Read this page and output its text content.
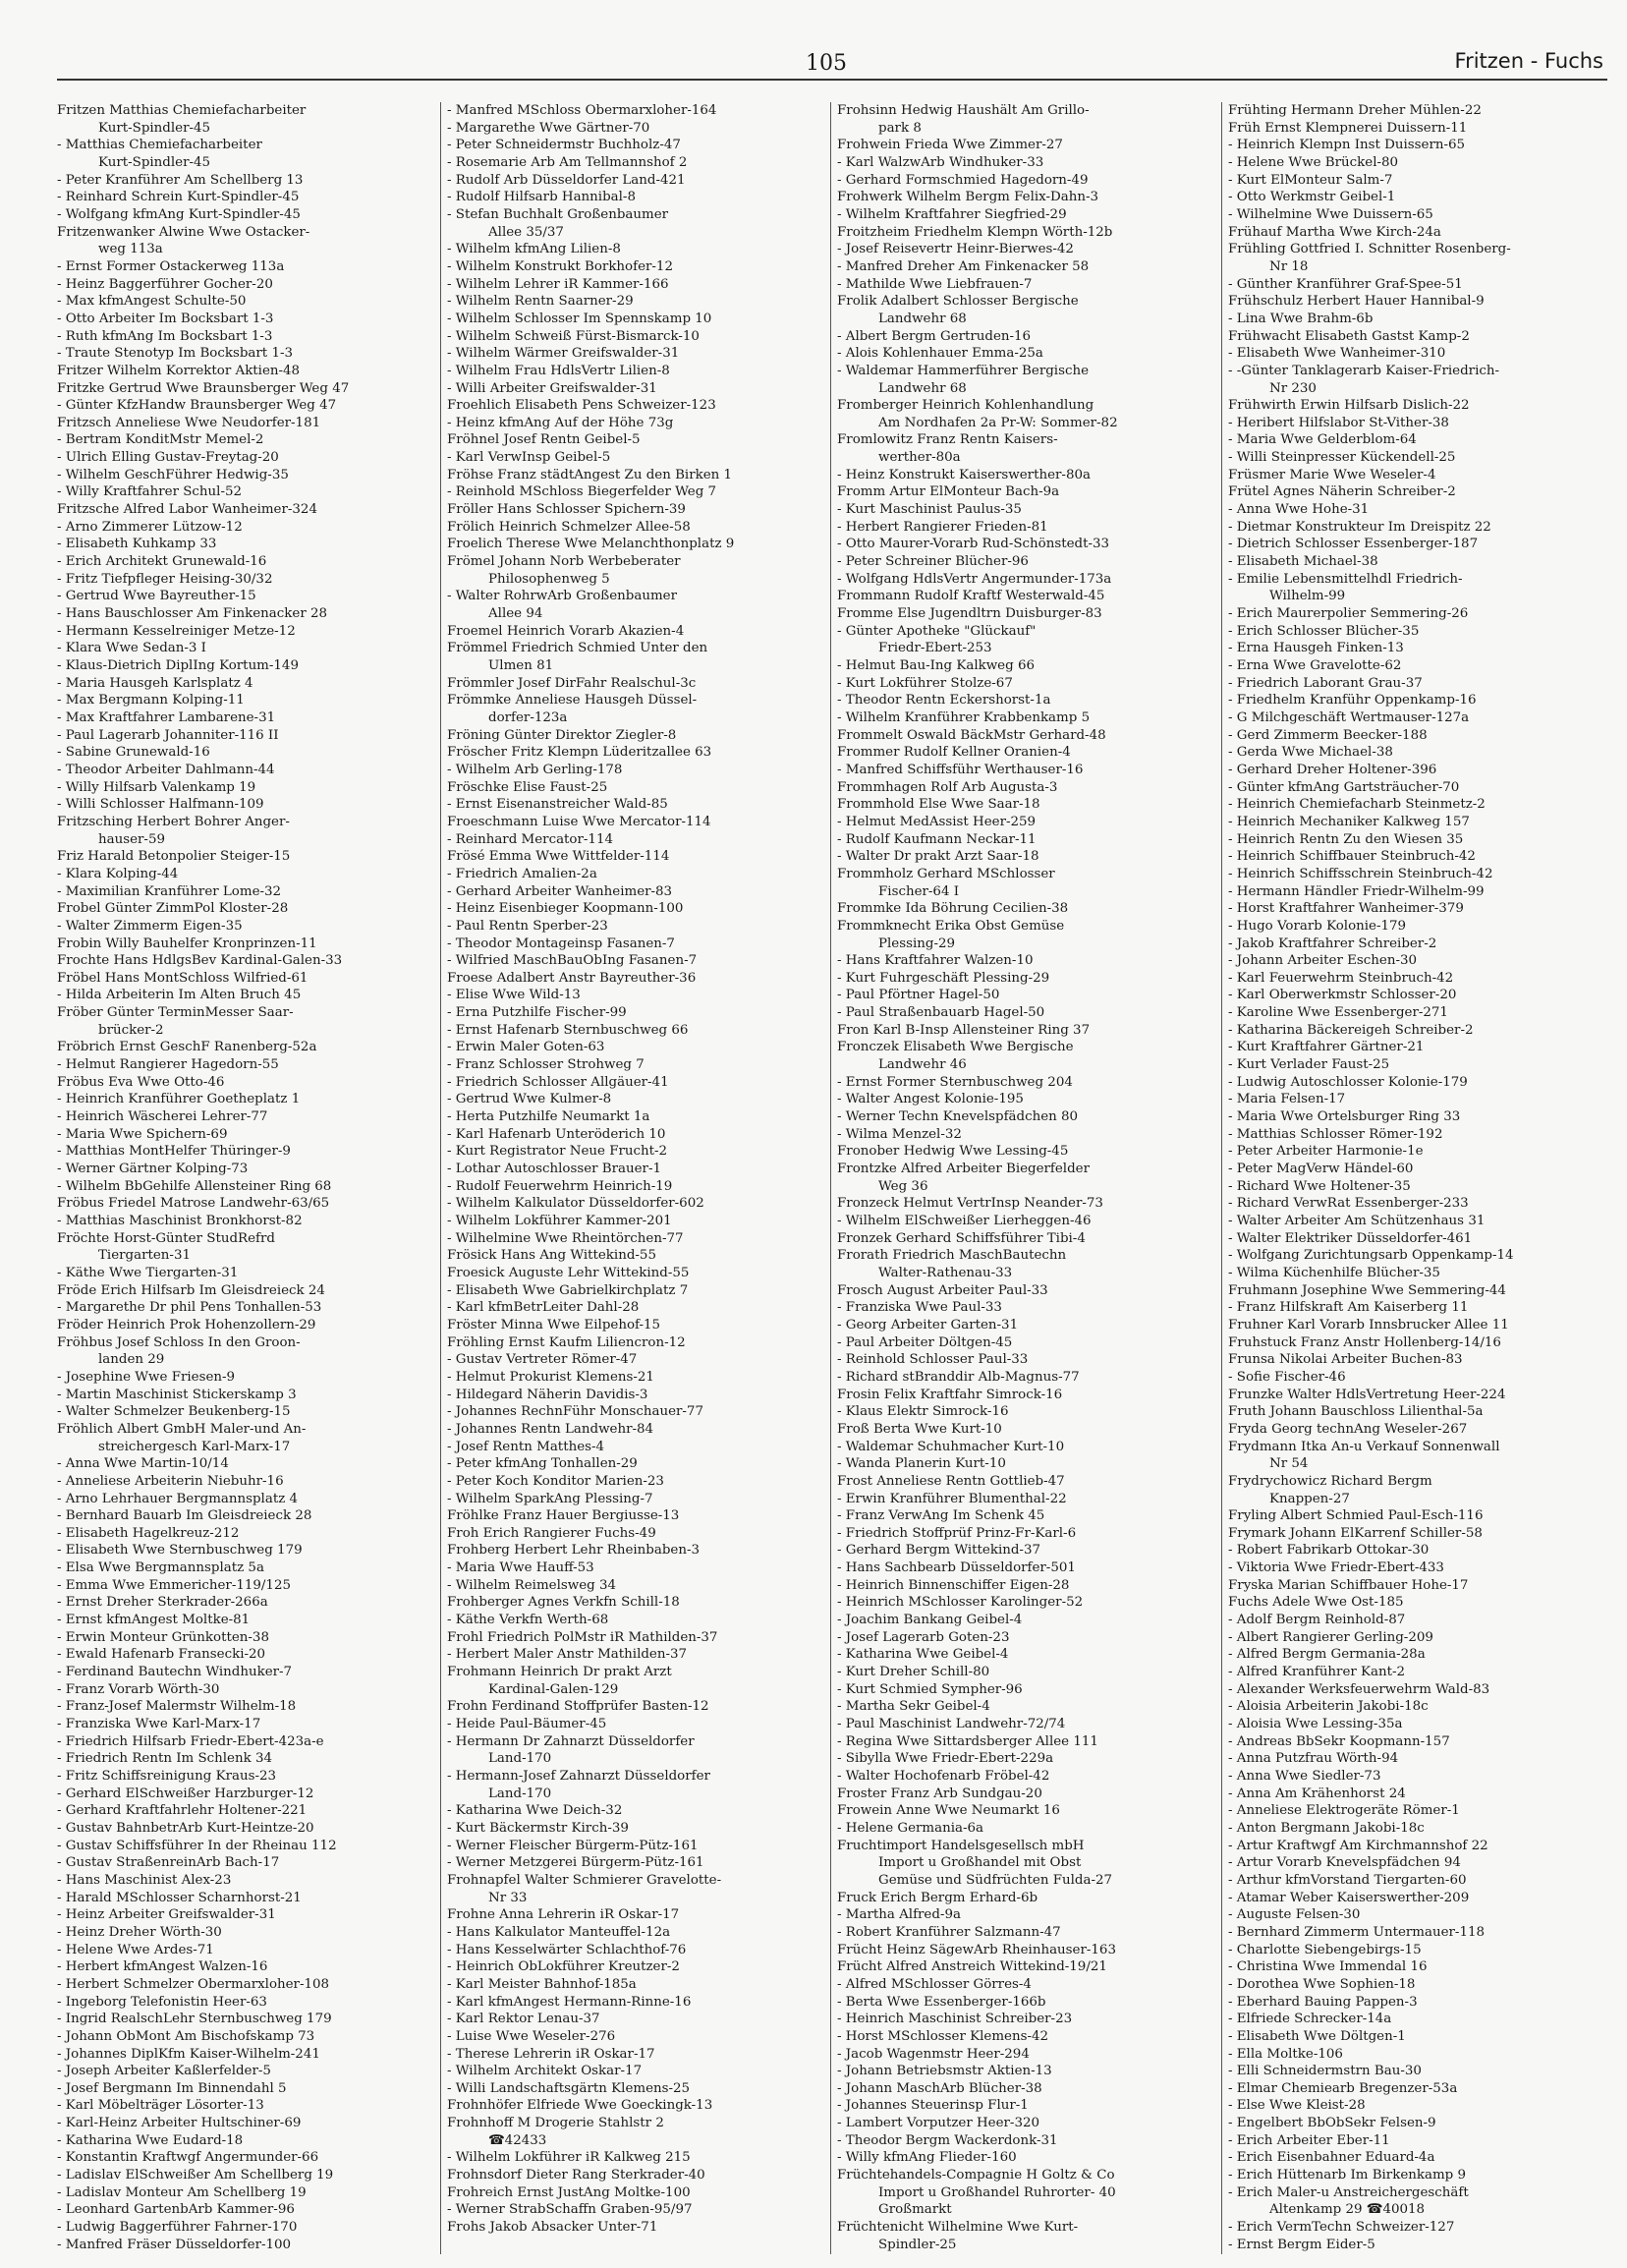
105	Fritzen - Fuchs
Fritzen Matthias Chemiefacharbeiter
Kurt-Spindler-45
- Matthias Chemiefacharbeiter
Kurt-Spindler-45
- Peter Kranführer Am Schellberg 13
- Reinhard Schrein Kurt-Spindler-45
- Wolfgang kfmAng Kurt-Spindler-45
Fritzenwanker Alwine Wwe Ostacker-
weg 113a
- Ernst Former Ostackerweg 113a
- Heinz Baggerführer Gocher-20
- Max kfmAngest Schulte-50
- Otto Arbeiter Im Bocksbart 1-3
- Ruth kfmAng Im Bocksbart 1-3
- Traute Stenotyp Im Bocksbart 1-3
Fritzer Wilhelm Korrektor Aktien-48
Fritzke Gertrud Wwe Braunsberger Weg 47
- Günter KfzHandw Braunsberger Weg 47
Fritzsch Anneliese Wwe Neudorfer-181
- Bertram KonditMstr Memel-2
- Ulrich Elling Gustav-Freytag-20
- Wilhelm GeschFührer Hedwig-35
- Willy Kraftfahrer Schul-52
Fritzsche Alfred Labor Wanheimer-324
- Arno Zimmerer Lützow-12
- Elisabeth Kuhkamp 33
- Erich Architekt Grunewald-16
- Fritz Tiefpfleger Heising-30/32
- Gertrud Wwe Bayreuther-15
- Hans Bauschlosser Am Finkenacker 28
- Hermann Kesselreiniger Metze-12
- Klara Wwe Sedan-3 I
- Klaus-Dietrich DiplIng Kortum-149
- Maria Hausgeh Karlsplatz 4
- Max Bergmann Kolping-11
- Max Kraftfahrer Lambarene-31
- Paul Lagerarb Johanniter-116 II
- Sabine Grunewald-16
- Theodor Arbeiter Dahlmann-44
- Willy Hilfsarb Valenkamp 19
- Willi Schlosser Halfmann-109
Fritzsching Herbert Bohrer Anger-
hauser-59
Friz Harald Betonpolier Steiger-15
- Klara Kolping-44
- Maximilian Kranführer Lome-32
Frobel Günter ZimmPol Kloster-28
- Walter Zimmerm Eigen-35
Frobin Willy Bauhelfer Kronprinzen-11
Frochte Hans HdlgsBev Kardinal-Galen-33
Fröbel Hans MontSchloss Wilfried-61
- Hilda Arbeiterin Im Alten Bruch 45
Fröber Günter TerminMesser Saar-
brücker-2
Fröbrich Ernst GeschF Ranenberg-52a
- Helmut Rangierer Hagedorn-55
Fröbus Eva Wwe Otto-46
- Heinrich Kranführer Goetheplatz 1
- Heinrich Wäscherei Lehrer-77
- Maria Wwe Spichern-69
- Matthias MontHelfer Thüringer-9
- Werner Gärtner Kolping-73
- Wilhelm BbGehilfe Allensteiner Ring 68
Fröbus Friedel Matrose Landwehr-63/65
- Matthias Maschinist Bronkhorst-82
Fröchte Horst-Günter StudRefrd
Tiergarten-31
- Käthe Wwe Tiergarten-31
Fröde Erich Hilfsarb Im Gleisdreieck 24
- Margarethe Dr phil Pens Tonhallen-53
Fröder Heinrich Prok Hohenzollern-29
Fröhbus Josef Schloss In den Groon-
landen 29
- Josephine Wwe Friesen-9
- Martin Maschinist Stickerskamp 3
- Walter Schmelzer Beukenberg-15
Fröhlich Albert GmbH Maler-und An-
streichergesch Karl-Marx-17
- Anna Wwe Martin-10/14
- Anneliese Arbeiterin Niebuhr-16
- Arno Lehrhauer Bergmannsplatz 4
- Bernhard Bauarb Im Gleisdreieck 28
- Elisabeth Hagelkreuz-212
- Elisabeth Wwe Sternbuschweg 179
- Elsa Wwe Bergmannsplatz 5a
- Emma Wwe Emmericher-119/125
- Ernst Dreher Sterkrader-266a
- Ernst kfmAngest Moltke-81
- Erwin Monteur Grünkotten-38
- Ewald Hafenarb Fransecki-20
- Ferdinand Bautechn Windhuker-7
- Franz Vorarb Wörth-30
- Franz-Josef Malermstr Wilhelm-18
- Franziska Wwe Karl-Marx-17
- Friedrich Hilfsarb Friedr-Ebert-423a-e
- Friedrich Rentn Im Schlenk 34
- Fritz Schiffsreinigung Kraus-23
- Gerhard ElSchweißer Harzburger-12
- Gerhard Kraftfahrlehr Holtener-221
- Gustav BahnbetrArb Kurt-Heintze-20
- Gustav Schiffsführer In der Rheinau 112
- Gustav StraßenreinArb Bach-17
- Hans Maschinist Alex-23
- Harald MSchlosser Scharnhorst-21
- Heinz Arbeiter Greifswalder-31
- Heinz Dreher Wörth-30
- Helene Wwe Ardes-71
- Herbert kfmAngest Walzen-16
- Herbert Schmelzer Obermarxloher-108
- Ingeborg Telefonistin Heer-63
- Ingrid RealschLehr Sternbuschweg 179
- Johann ObMont Am Bischofskamp 73
- Johannes DiplKfm Kaiser-Wilhelm-241
- Joseph Arbeiter Kaßlerfelder-5
- Josef Bergmann Im Binnendahl 5
- Karl Möbelträger Lösorter-13
- Karl-Heinz Arbeiter Hultschiner-69
- Katharina Wwe Eudard-18
- Konstantin Kraftwgf Angermunder-66
- Ladislav ElSchweißer Am Schellberg 19
- Ladislav Monteur Am Schellberg 19
- Leonhard GartenbArb Kammer-96
- Ludwig Baggerführer Fahrner-170
- Manfred Fräser Düsseldorfer-100
- Manfred MSchloss Obermarxloher-164
- Margarethe Wwe Gärtner-70
- Peter Schneidermstr Buchholz-47
- Rosemarie Arb Am Tellmannshof 2
- Rudolf Arb Düsseldorfer Land-421
- Rudolf Hilfsarb Hannibal-8
- Stefan Buchhalt Großenbaumer
Allee 35/37
- Wilhelm kfmAng Lilien-8
- Wilhelm Konstrukt Borkhofer-12
- Wilhelm Lehrer iR Kammer-166
- Wilhelm Rentn Saarner-29
- Wilhelm Schlosser Im Spennskamp 10
- Wilhelm Schweiß Fürst-Bismarck-10
- Wilhelm Wärmer Greifswalder-31
- Wilhelm Frau HdlsVertr Lilien-8
- Willi Arbeiter Greifswalder-31
Froehlich Elisabeth Pens Schweizer-123
- Heinz kfmAng Auf der Höhe 73g
Fröhnel Josef Rentn Geibel-5
- Karl VerwInsp Geibel-5
Fröhse Franz städtAngest Zu den Birken 1
- Reinhold MSchloss Biegerfelder Weg 7
Fröller Hans Schlosser Spichern-39
Frölich Heinrich Schmelzer Allee-58
Froelich Therese Wwe Melanchthonplatz 9
Frömel Johann Norb Werbeberater
Philosophenweg 5
- Walter RohrwArb Großenbaumer
Allee 94
Froemel Heinrich Vorarb Akazien-4
Frömmel Friedrich Schmied Unter den
Ulmen 81
Frömmler Josef DirFahr Realschul-3c
Frömmke Anneliese Hausgeh Düssel-
dorfer-123a
Fröning Günter Direktor Ziegler-8
Fröscher Fritz Klempn Lüderitzallee 63
- Wilhelm Arb Gerling-178
Fröschke Elise Faust-25
- Ernst Eisenanstreicher Wald-85
Froeschmann Luise Wwe Mercator-114
- Reinhard Mercator-114
Frösé Emma Wwe Wittfelder-114
- Friedrich Amalien-2a
- Gerhard Arbeiter Wanheimer-83
- Heinz Eisenbieger Koopmann-100
- Paul Rentn Sperber-23
- Theodor Montageinsp Fasanen-7
- Wilfried MaschBauObIng Fasanen-7
Froese Adalbert Anstr Bayreuther-36
- Elise Wwe Wild-13
- Erna Putzhilfe Fischer-99
- Ernst Hafenarb Sternbuschweg 66
- Erwin Maler Goten-63
- Franz Schlosser Strohweg 7
- Friedrich Schlosser Allgäuer-41
- Gertrud Wwe Kulmer-8
- Herta Putzhilfe Neumarkt 1a
- Karl Hafenarb Unteröderich 10
- Kurt Registrator Neue Frucht-2
- Lothar Autoschlosser Brauer-1
- Rudolf Feuerwehrm Heinrich-19
- Wilhelm Kalkulator Düsseldorfer-602
- Wilhelm Lokführer Kammer-201
- Wilhelmine Wwe Rheintörchen-77
Frösick Hans Ang Wittekind-55
Froesick Auguste Lehr Wittekind-55
- Elisabeth Wwe Gabrielkirchplatz 7
- Karl kfmBetrLeiter Dahl-28
Fröster Minna Wwe Eilpehof-15
Fröhling Ernst Kaufm Liliencron-12
- Gustav Vertreter Römer-47
- Helmut Prokurist Klemens-21
- Hildegard Näherin Davidis-3
- Johannes RechnFühr Monschauer-77
- Johannes Rentn Landwehr-84
- Josef Rentn Matthes-4
- Peter kfmAng Tonhallen-29
- Peter Koch Konditor Marien-23
- Wilhelm SparkAng Plessing-7
Fröhlke Franz Hauer Bergiusse-13
Froh Erich Rangierer Fuchs-49
Frohberg Herbert Lehr Rheinbaben-3
- Maria Wwe Hauff-53
- Wilhelm Reimelsweg 34
Frohberger Agnes Verkfn Schill-18
- Käthe Verkfn Werth-68
Frohl Friedrich PolMstr iR Mathilden-37
- Herbert Maler Anstr Mathilden-37
Frohmann Heinrich Dr prakt Arzt
Kardinal-Galen-129
Frohn Ferdinand Stoffprüfer Basten-12
- Heide Paul-Bäumer-45
- Hermann Dr Zahnarzt Düsseldorfer
Land-170
- Hermann-Josef Zahnarzt Düsseldorfer
Land-170
- Katharina Wwe Deich-32
- Kurt Bäckermstr Kirch-39
- Werner Fleischer Bürgerm-Pütz-161
- Werner Metzgerei Bürgerm-Pütz-161
Frohnapfel Walter Schmierer Gravelotte-
Nr 33
Frohne Anna Lehrerin iR Oskar-17
- Hans Kalkulator Manteuffel-12a
- Hans Kesselwärter Schlachthof-76
- Heinrich ObLokführer Kreutzer-2
- Karl Meister Bahnhof-185a
- Karl kfmAngest Hermann-Rinne-16
- Karl Rektor Lenau-37
- Luise Wwe Weseler-276
- Therese Lehrerin iR Oskar-17
- Wilhelm Architekt Oskar-17
- Willi Landschaftsgärtn Klemens-25
Frohnhöfer Elfriede Wwe Goeckingk-13
Frohnhoff M Drogerie Stahlstr 2
☎42433
- Wilhelm Lokführer iR Kalkweg 215
Frohnsdorf Dieter Rang Sterkrader-40
Frohreich Ernst JustAng Moltke-100
- Werner StrabSchaffn Graben-95/97
Frohs Jakob Absacker Unter-71
Frohsinn Hedwig Haushält Am Grillo-
park 8
Frohwein Frieda Wwe Zimmer-27
- Karl WalzwArb Windhuker-33
- Gerhard Formschmied Hagedorn-49
Frohwerk Wilhelm Bergm Felix-Dahn-3
- Wilhelm Kraftfahrer Siegfried-29
Froitzheim Friedhelm Klempn Wörth-12b
- Josef Reisevertr Heinr-Bierwes-42
- Manfred Dreher Am Finkenacker 58
- Mathilde Wwe Liebfrauen-7
Frolik Adalbert Schlosser Bergische
Landwehr 68
- Albert Bergm Gertruden-16
- Alois Kohlenhauer Emma-25a
- Waldemar Hammerführer Bergische
Landwehr 68
Fromberger Heinrich Kohlenhandlung
Am Nordhafen 2a Pr-W: Sommer-82
Fromlowitz Franz Rentn Kaisers-
werther-80a
- Heinz Konstrukt Kaiserswerther-80a
Fromm Artur ElMonteur Bach-9a
- Kurt Maschinist Paulus-35
- Herbert Rangierer Frieden-81
- Otto Maurer-Vorarb Rud-Schönstedt-33
- Peter Schreiner Blücher-96
- Wolfgang HdlsVertr Angermunder-173a
Frommann Rudolf Kraftf Westerwald-45
Fromme Else Jugendltrn Duisburger-83
- Günter Apotheke "Glückauf"
Friedr-Ebert-253
- Helmut Bau-Ing Kalkweg 66
- Kurt Lokführer Stolze-67
- Theodor Rentn Eckershorst-1a
- Wilhelm Kranführer Krabbenkamp 5
Frommelt Oswald BäckMstr Gerhard-48
Frommer Rudolf Kellner Oranien-4
- Manfred Schiffsführ Werthauser-16
Frommhagen Rolf Arb Augusta-3
Frommhold Else Wwe Saar-18
- Helmut MedAssist Heer-259
- Rudolf Kaufmann Neckar-11
- Walter Dr prakt Arzt Saar-18
Frommholz Gerhard MSchlosser
Fischer-64 I
Frommke Ida Böhrung Cecilien-38
Frommknecht Erika Obst Gemüse
Plessing-29
- Hans Kraftfahrer Walzen-10
- Kurt Fuhrgeschäft Plessing-29
- Paul Pförtner Hagel-50
- Paul Straßenbauarb Hagel-50
Fron Karl B-Insp Allensteiner Ring 37
Fronczek Elisabeth Wwe Bergische
Landwehr 46
- Ernst Former Sternbuschweg 204
- Walter Angest Kolonie-195
- Werner Techn Knevelspfädchen 80
- Wilma Menzel-32
Fronober Hedwig Wwe Lessing-45
Frontzke Alfred Arbeiter Biegerfelder
Weg 36
Fronzeck Helmut VertrInsp Neander-73
- Wilhelm ElSchweißer Lierheggen-46
Fronzek Gerhard Schiffsführer Tibi-4
Frorath Friedrich MaschBautechn
Walter-Rathenau-33
Frosch August Arbeiter Paul-33
- Franziska Wwe Paul-33
- Georg Arbeiter Garten-31
- Paul Arbeiter Döltgen-45
- Reinhold Schlosser Paul-33
- Richard stBranddir Alb-Magnus-77
Frosin Felix Kraftfahr Simrock-16
- Klaus Elektr Simrock-16
Froß Berta Wwe Kurt-10
- Waldemar Schuhmacher Kurt-10
- Wanda Planerin Kurt-10
Frost Anneliese Rentn Gottlieb-47
- Erwin Kranführer Blumenthal-22
- Franz VerwAng Im Schenk 45
- Friedrich Stoffprüf Prinz-Fr-Karl-6
- Gerhard Bergm Wittekind-37
- Hans Sachbearb Düsseldorfer-501
- Heinrich Binnenschiffer Eigen-28
- Heinrich MSchlosser Karolinger-52
- Joachim Bankang Geibel-4
- Josef Lagerarb Goten-23
- Katharina Wwe Geibel-4
- Kurt Dreher Schill-80
- Kurt Schmied Sympher-96
- Martha Sekr Geibel-4
- Paul Maschinist Landwehr-72/74
- Regina Wwe Sittardsberger Allee 111
- Sibylla Wwe Friedr-Ebert-229a
- Walter Hochofenarb Fröbel-42
Froster Franz Arb Sundgau-20
Frowein Anne Wwe Neumarkt 16
- Helene Germania-6a
Fruchtimport Handelsgesellsch mbH
Import u Großhandel mit Obst
Gemüse und Südfrüchten Fulda-27
Fruck Erich Bergm Erhard-6b
- Martha Alfred-9a
- Robert Kranführer Salzmann-47
Frücht Heinz SägewArb Rheinhauser-163
Frücht Alfred Anstreich Wittekind-19/21
- Alfred MSchlosser Görres-4
- Berta Wwe Essenberger-166b
- Heinrich Maschinist Schreiber-23
- Horst MSchlosser Klemens-42
- Jacob Wagenmstr Heer-294
- Johann Betriebsmstr Aktien-13
- Johann MaschArb Blücher-38
- Johannes Steuerinsp Flur-1
- Lambert Vorputzer Heer-320
- Theodor Bergm Wackerdonk-31
- Willy kfmAng Flieder-160
Früchtehandels-Compagnie H Goltz & Co
Import u Großhandel Ruhrorter- 40
Großmarkt
Früchtenicht Wilhelmine Wwe Kurt-
Spindler-25
Frühting Hermann Dreher Mühlen-22
Früh Ernst Klempnerei Duissern-11
- Heinrich Klempn Inst Duissern-65
- Helene Wwe Brückel-80
- Kurt ElMonteur Salm-7
- Otto Werkmstr Geibel-1
- Wilhelmine Wwe Duissern-65
Frühauf Martha Wwe Kirch-24a
Frühling Gottfried I. Schnitter Rosenberg-
Nr 18
- Günther Kranführer Graf-Spee-51
Frühschulz Herbert Hauer Hannibal-9
- Lina Wwe Brahm-6b
Frühwacht Elisabeth Gastst Kamp-2
- Elisabeth Wwe Wanheimer-310
- -Günter Tanklagerarb Kaiser-Friedrich-
Nr 230
Frühwirth Erwin Hilfsarb Dislich-22
- Heribert Hilfslabor St-Vither-38
- Maria Wwe Gelderblom-64
- Willi Steinpresser Kückendell-25
Früsmer Marie Wwe Weseler-4
Frütel Agnes Näherin Schreiber-2
- Anna Wwe Hohe-31
- Dietmar Konstrukteur Im Dreispitz 22
- Dietrich Schlosser Essenberger-187
- Elisabeth Michael-38
- Emilie Lebensmittelhdl Friedrich-
Wilhelm-99
- Erich Maurerpolier Semmering-26
- Erich Schlosser Blücher-35
- Erna Hausgeh Finken-13
- Erna Wwe Gravelotte-62
- Friedrich Laborant Grau-37
- Friedhelm Kranführ Oppenkamp-16
- G Milchgeschäft Wertmauser-127a
- Gerd Zimmerm Beecker-188
- Gerda Wwe Michael-38
- Gerhard Dreher Holtener-396
- Günter kfmAng Gartsträucher-70
- Heinrich Chemiefacharb Steinmetz-2
- Heinrich Mechaniker Kalkweg 157
- Heinrich Rentn Zu den Wiesen 35
- Heinrich Schiffbauer Steinbruch-42
- Heinrich Schiffsschrein Steinbruch-42
- Hermann Händler Friedr-Wilhelm-99
- Horst Kraftfahrer Wanheimer-379
- Hugo Vorarb Kolonie-179
- Jakob Kraftfahrer Schreiber-2
- Johann Arbeiter Eschen-30
- Karl Feuerwehrm Steinbruch-42
- Karl Oberwerkmstr Schlosser-20
- Karoline Wwe Essenberger-271
- Katharina Bäckereigeh Schreiber-2
- Kurt Kraftfahrer Gärtner-21
- Kurt Verlader Faust-25
- Ludwig Autoschlosser Kolonie-179
- Maria Felsen-17
- Maria Wwe Ortelsburger Ring 33
- Matthias Schlosser Römer-192
- Peter Arbeiter Harmonie-1e
- Peter MagVerw Händel-60
- Richard Wwe Holtener-35
- Richard VerwRat Essenberger-233
- Walter Arbeiter Am Schützenhaus 31
- Walter Elektriker Düsseldorfer-461
- Wolfgang Zurichtungsarb Oppenkamp-14
- Wilma Küchenhilfe Blücher-35
Fruhmann Josephine Wwe Semmering-44
- Franz Hilfskraft Am Kaiserberg 11
Fruhner Karl Vorarb Innsbrucker Allee 11
Fruhstuck Franz Anstr Hollenberg-14/16
Frunsa Nikolai Arbeiter Buchen-83
- Sofie Fischer-46
Frunzke Walter HdlsVertretung Heer-224
Fruth Johann Bauschloss Lilienthal-5a
Fryda Georg technAng Weseler-267
Frydmann Itka An-u Verkauf Sonnenwall
Nr 54
Frydrychowicz Richard Bergm
Knappen-27
Fryling Albert Schmied Paul-Esch-116
Frymark Johann ElKarrenf Schiller-58
- Robert Fabrikarb Ottokar-30
- Viktoria Wwe Friedr-Ebert-433
Fryska Marian Schiffbauer Hohe-17
Fuchs Adele Wwe Ost-185
- Adolf Bergm Reinhold-87
- Albert Rangierer Gerling-209
- Alfred Bergm Germania-28a
- Alfred Kranführer Kant-2
- Alexander Werksfeuerwehrm Wald-83
- Aloisia Arbeiterin Jakobi-18c
- Aloisia Wwe Lessing-35a
- Andreas BbSekr Koopmann-157
- Anna Putzfrau Wörth-94
- Anna Wwe Siedler-73
- Anna Am Krähenhorst 24
- Anneliese Elektrogeräte Römer-1
- Anton Bergmann Jakobi-18c
- Artur Kraftwgf Am Kirchmannshof 22
- Artur Vorarb Knevelspfädchen 94
- Arthur kfmVorstand Tiergarten-60
- Atamar Weber Kaiserswerther-209
- Auguste Felsen-30
- Bernhard Zimmerm Untermauer-118
- Charlotte Siebengebirgs-15
- Christina Wwe Immendal 16
- Dorothea Wwe Sophien-18
- Eberhard Bauing Pappen-3
- Elfriede Schrecker-14a
- Elisabeth Wwe Döltgen-1
- Ella Moltke-106
- Elli Schneidermstrn Bau-30
- Elmar Chemiearb Bregenzer-53a
- Else Wwe Kleist-28
- Engelbert BbObSekr Felsen-9
- Erich Arbeiter Eber-11
- Erich Eisenbahner Eduard-4a
- Erich Hüttenarb Im Birkenkamp 9
- Erich Maler-u Anstreichergeschäft
Altenkamp 29 ☎40018
- Erich VermTechn Schweizer-127
- Ernst Bergm Eider-5
